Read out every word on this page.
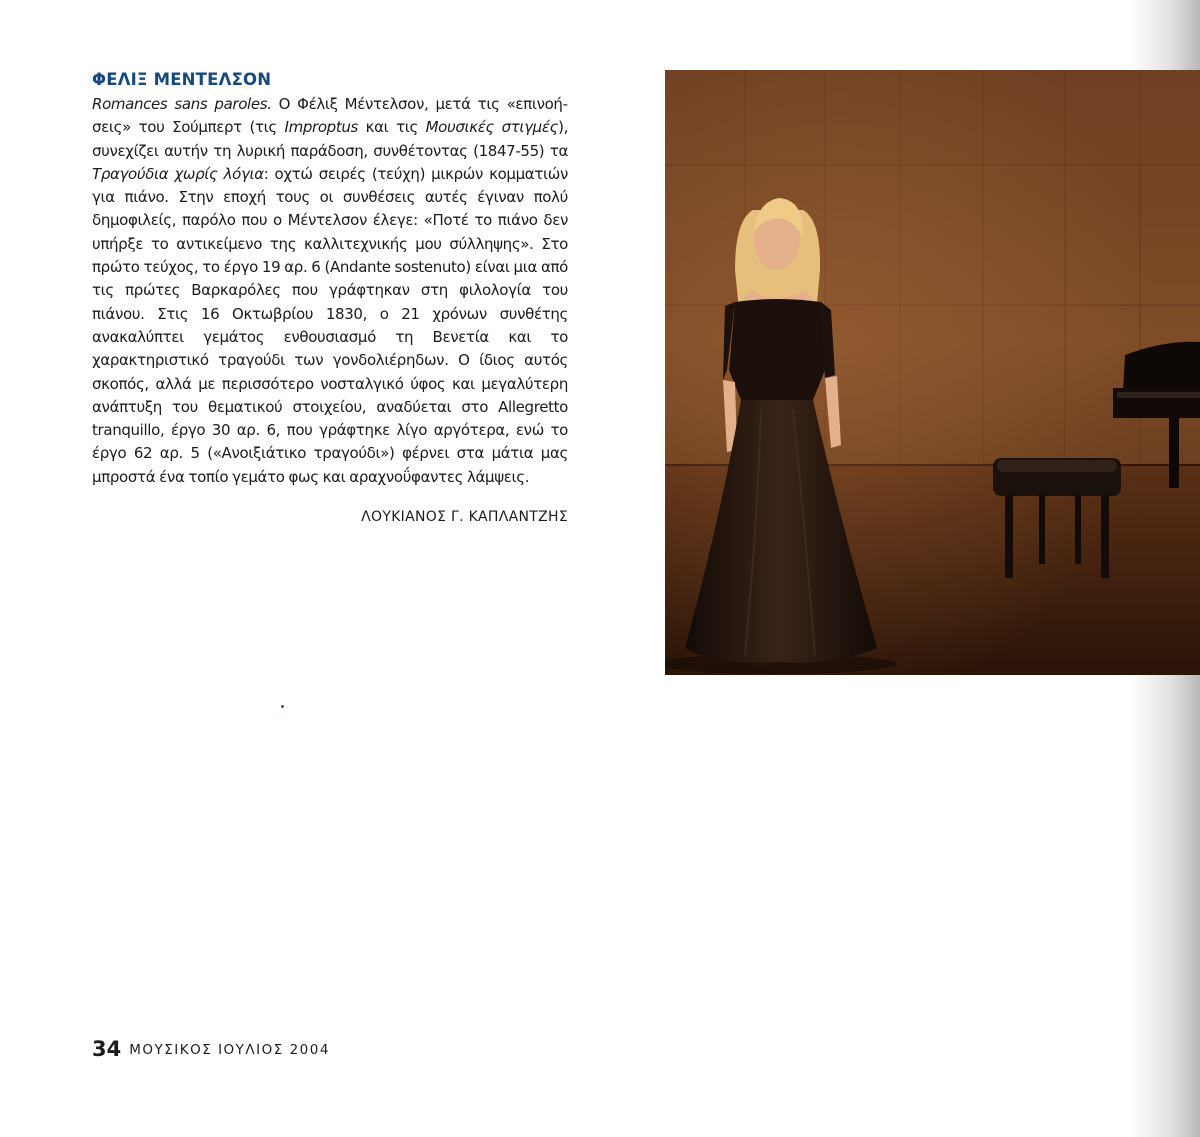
ΦΕΛΙΞ ΜΕΝΤΕΛΣΟΝ

Romances sans paroles. Ο Φέλιξ Μέντελσον, μετά τις «επινοήσεις» του Σούμπερτ (τις Improptus και τις Μουσικές στιγμές), συνεχίζει αυτήν τη λυρική παράδοση, συνθέτοντας (1847-55) τα Τραγούδια χωρίς λόγια: οχτώ σειρές (τεύχη) μικρών κομματιών για πιάνο. Στην εποχή τους οι συνθέσεις αυτές έγιναν πολύ δημοφιλείς, παρόλο που ο Μέντελσον έλεγε: «Ποτέ το πιάνο δεν υπήρξε το αντικείμενο της καλλιτεχνικής μου σύλληψης». Στο πρώτο τεύχος, το έργο 19 αρ. 6 (Andante sostenuto) είναι μια από τις πρώτες Βαρκαρόλες που γράφτηκαν στη φιλολογία του πιάνου. Στις 16 Οκτωβρίου 1830, ο 21 χρόνων συνθέτης ανακαλύπτει γεμάτος ενθουσιασμό τη Βενετία και το χαρακτηριστικό τραγούδι των γονδολιέρηδων. Ο ίδιος αυτός σκοπός, αλλά με περισσότερο νοσταλγικό ύφος και μεγαλύτερη ανάπτυξη του θεματικού στοιχείου, αναδύεται στο Allegretto tranquillo, έργο 30 αρ. 6, που γράφτηκε λίγο αργότερα, ενώ το έργο 62 αρ. 5 («Ανοιξιάτικο τραγούδι») φέρνει στα μάτια μας μπροστά ένα τοπίο γεμάτο φως και αραχνοΰφαντες λάμψεις.

ΛΟΥΚΙΑΝΟΣ Γ. ΚΑΠΛΑΝΤΖΗΣ

34 ΜΟΥΣΙΚΟΣ ΙΟΥΛΙΟΣ 2004
